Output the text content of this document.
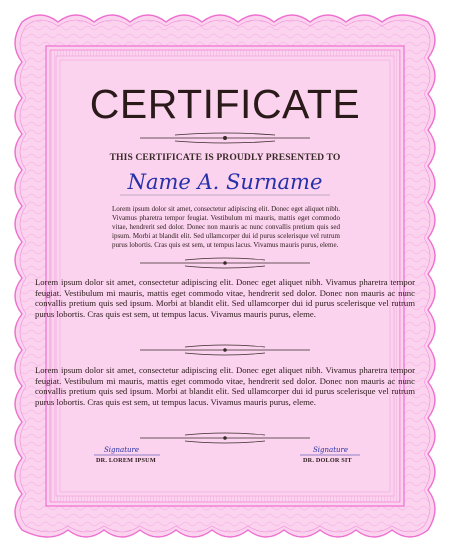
CERTIFICATE
THIS CERTIFICATE IS PROUDLY PRESENTED TO
Name A. Surname
Lorem ipsum dolor sit amet, consectetur adipiscing elit. Donec eget aliquet nibh. Vivamus pharetra tempor feugiat. Vestibulum mi mauris, mattis eget commodo vitae, hendrerit sed dolor. Donec non mauris ac nunc convallis pretium quis sed ipsum. Morbi at blandit elit. Sed ullamcorper dui id purus scelerisque vel rutrum purus lobortis. Cras quis est sem, ut tempus lacus. Vivamus mauris purus, eleme.
Lorem ipsum dolor sit amet, consectetur adipiscing elit. Donec eget aliquet nibh. Vivamus pharetra tempor feugiat. Vestibulum mi mauris, mattis eget commodo vitae, hendrerit sed dolor. Donec non mauris ac nunc convallis pretium quis sed ipsum. Morbi at blandit elit. Sed ullamcorper dui id purus scelerisque vel rutrum purus lobortis. Cras quis est sem, ut tempus lacus. Vivamus mauris purus, eleme.
Lorem ipsum dolor sit amet, consectetur adipiscing elit. Donec eget aliquet nibh. Vivamus pharetra tempor feugiat. Vestibulum mi mauris, mattis eget commodo vitae, hendrerit sed dolor. Donec non mauris ac nunc convallis pretium quis sed ipsum. Morbi at blandit elit. Sed ullamcorper dui id purus scelerisque vel rutrum purus lobortis. Cras quis est sem, ut tempus lacus. Vivamus mauris purus, eleme.
Signature
DR. LOREM IPSUM
Signature
DR. DOLOR SIT
